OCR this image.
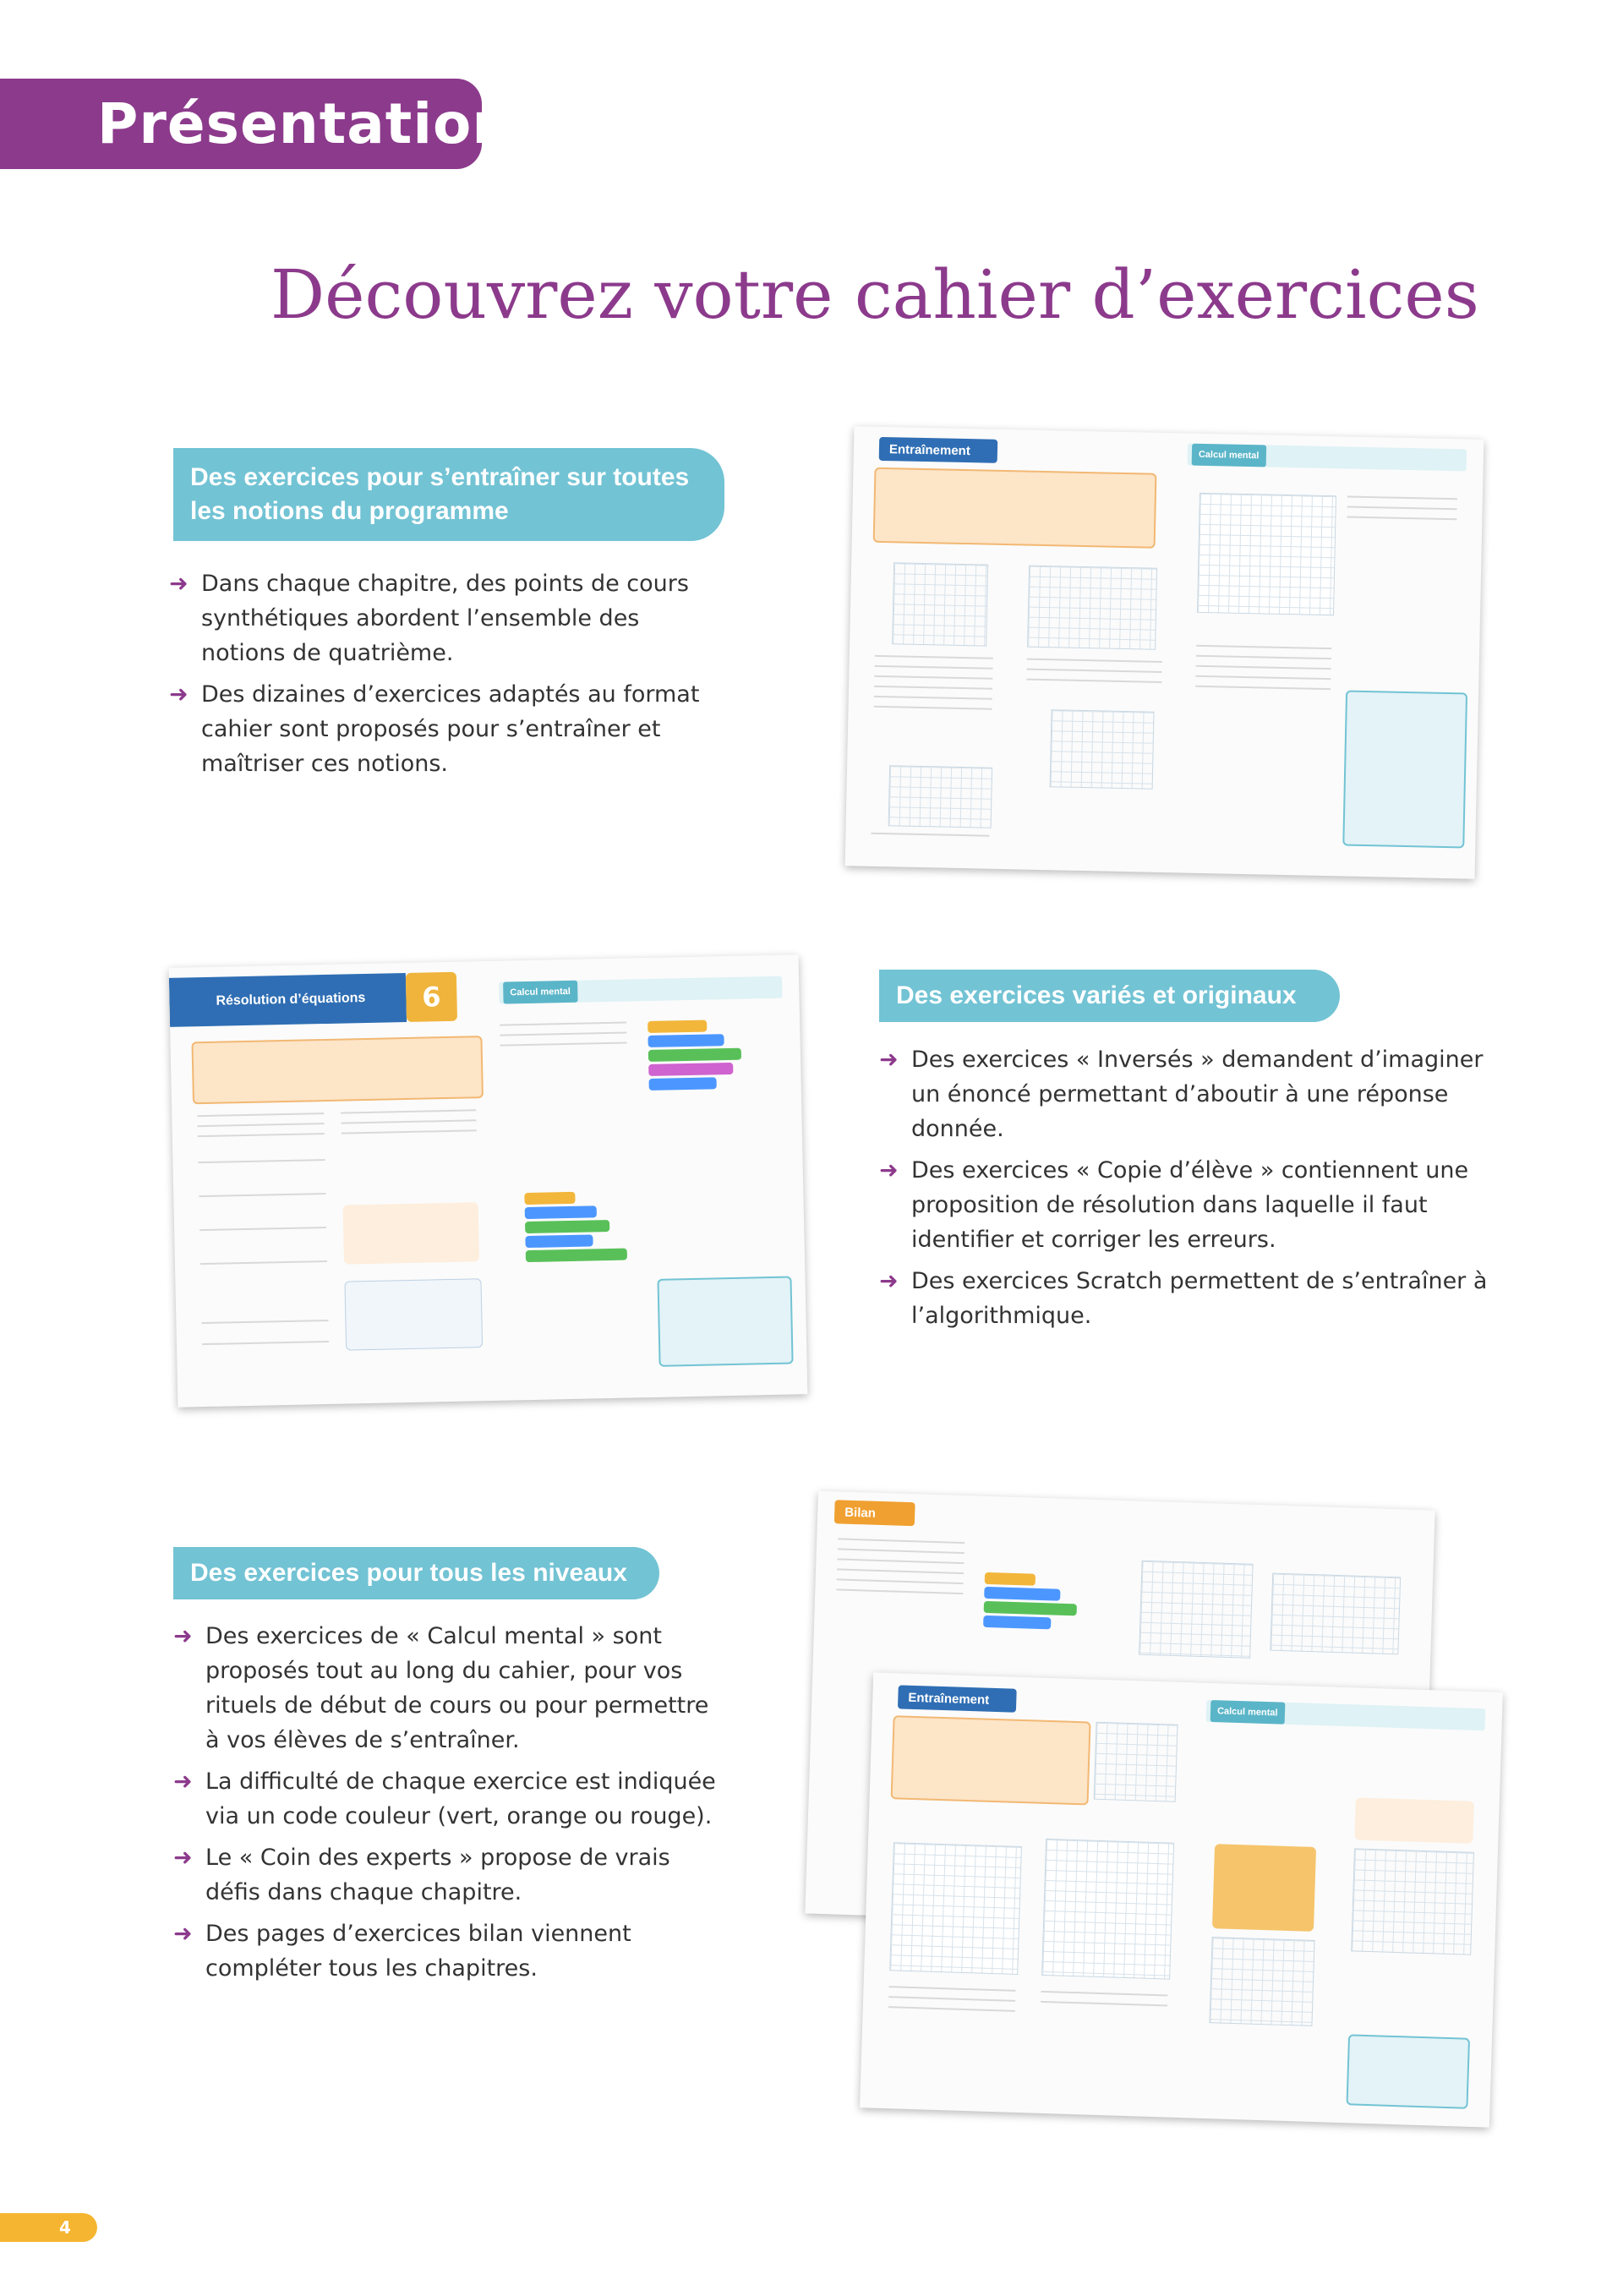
Présentation
Découvrez votre cahier d’exercices
Des exercices pour s’entraîner sur toutes
les notions du programme
➜ Dans chaque chapitre, des points de cours synthétiques abordent l’ensemble des notions de quatrième.
➜ Des dizaines d’exercices adaptés au format cahier sont proposés pour s’entraîner et maîtriser ces notions.
Entraînement	Calcul mental
Résolution d’équations 6	Calcul mental	Des exercices variés et originaux
➜ Des exercices « Inversés » demandent d’imaginer un énoncé permettant d’aboutir à une réponse donnée.
➜ Des exercices « Copie d’élève » contiennent une proposition de résolution dans laquelle il faut identifier et corriger les erreurs.
➜ Des exercices Scratch permettent de s’entraîner à l’algorithmique.
Des exercices pour tous les niveaux
➜ Des exercices de « Calcul mental » sont proposés tout au long du cahier, pour vos rituels de début de cours ou pour permettre à vos élèves de s’entraîner.
➜ La difficulté de chaque exercice est indiquée via un code couleur (vert, orange ou rouge).
➜ Le « Coin des experts » propose de vrais défis dans chaque chapitre.
➜ Des pages d’exercices bilan viennent compléter tous les chapitres.
Bilan
Entraînement
Calcul mental
4
